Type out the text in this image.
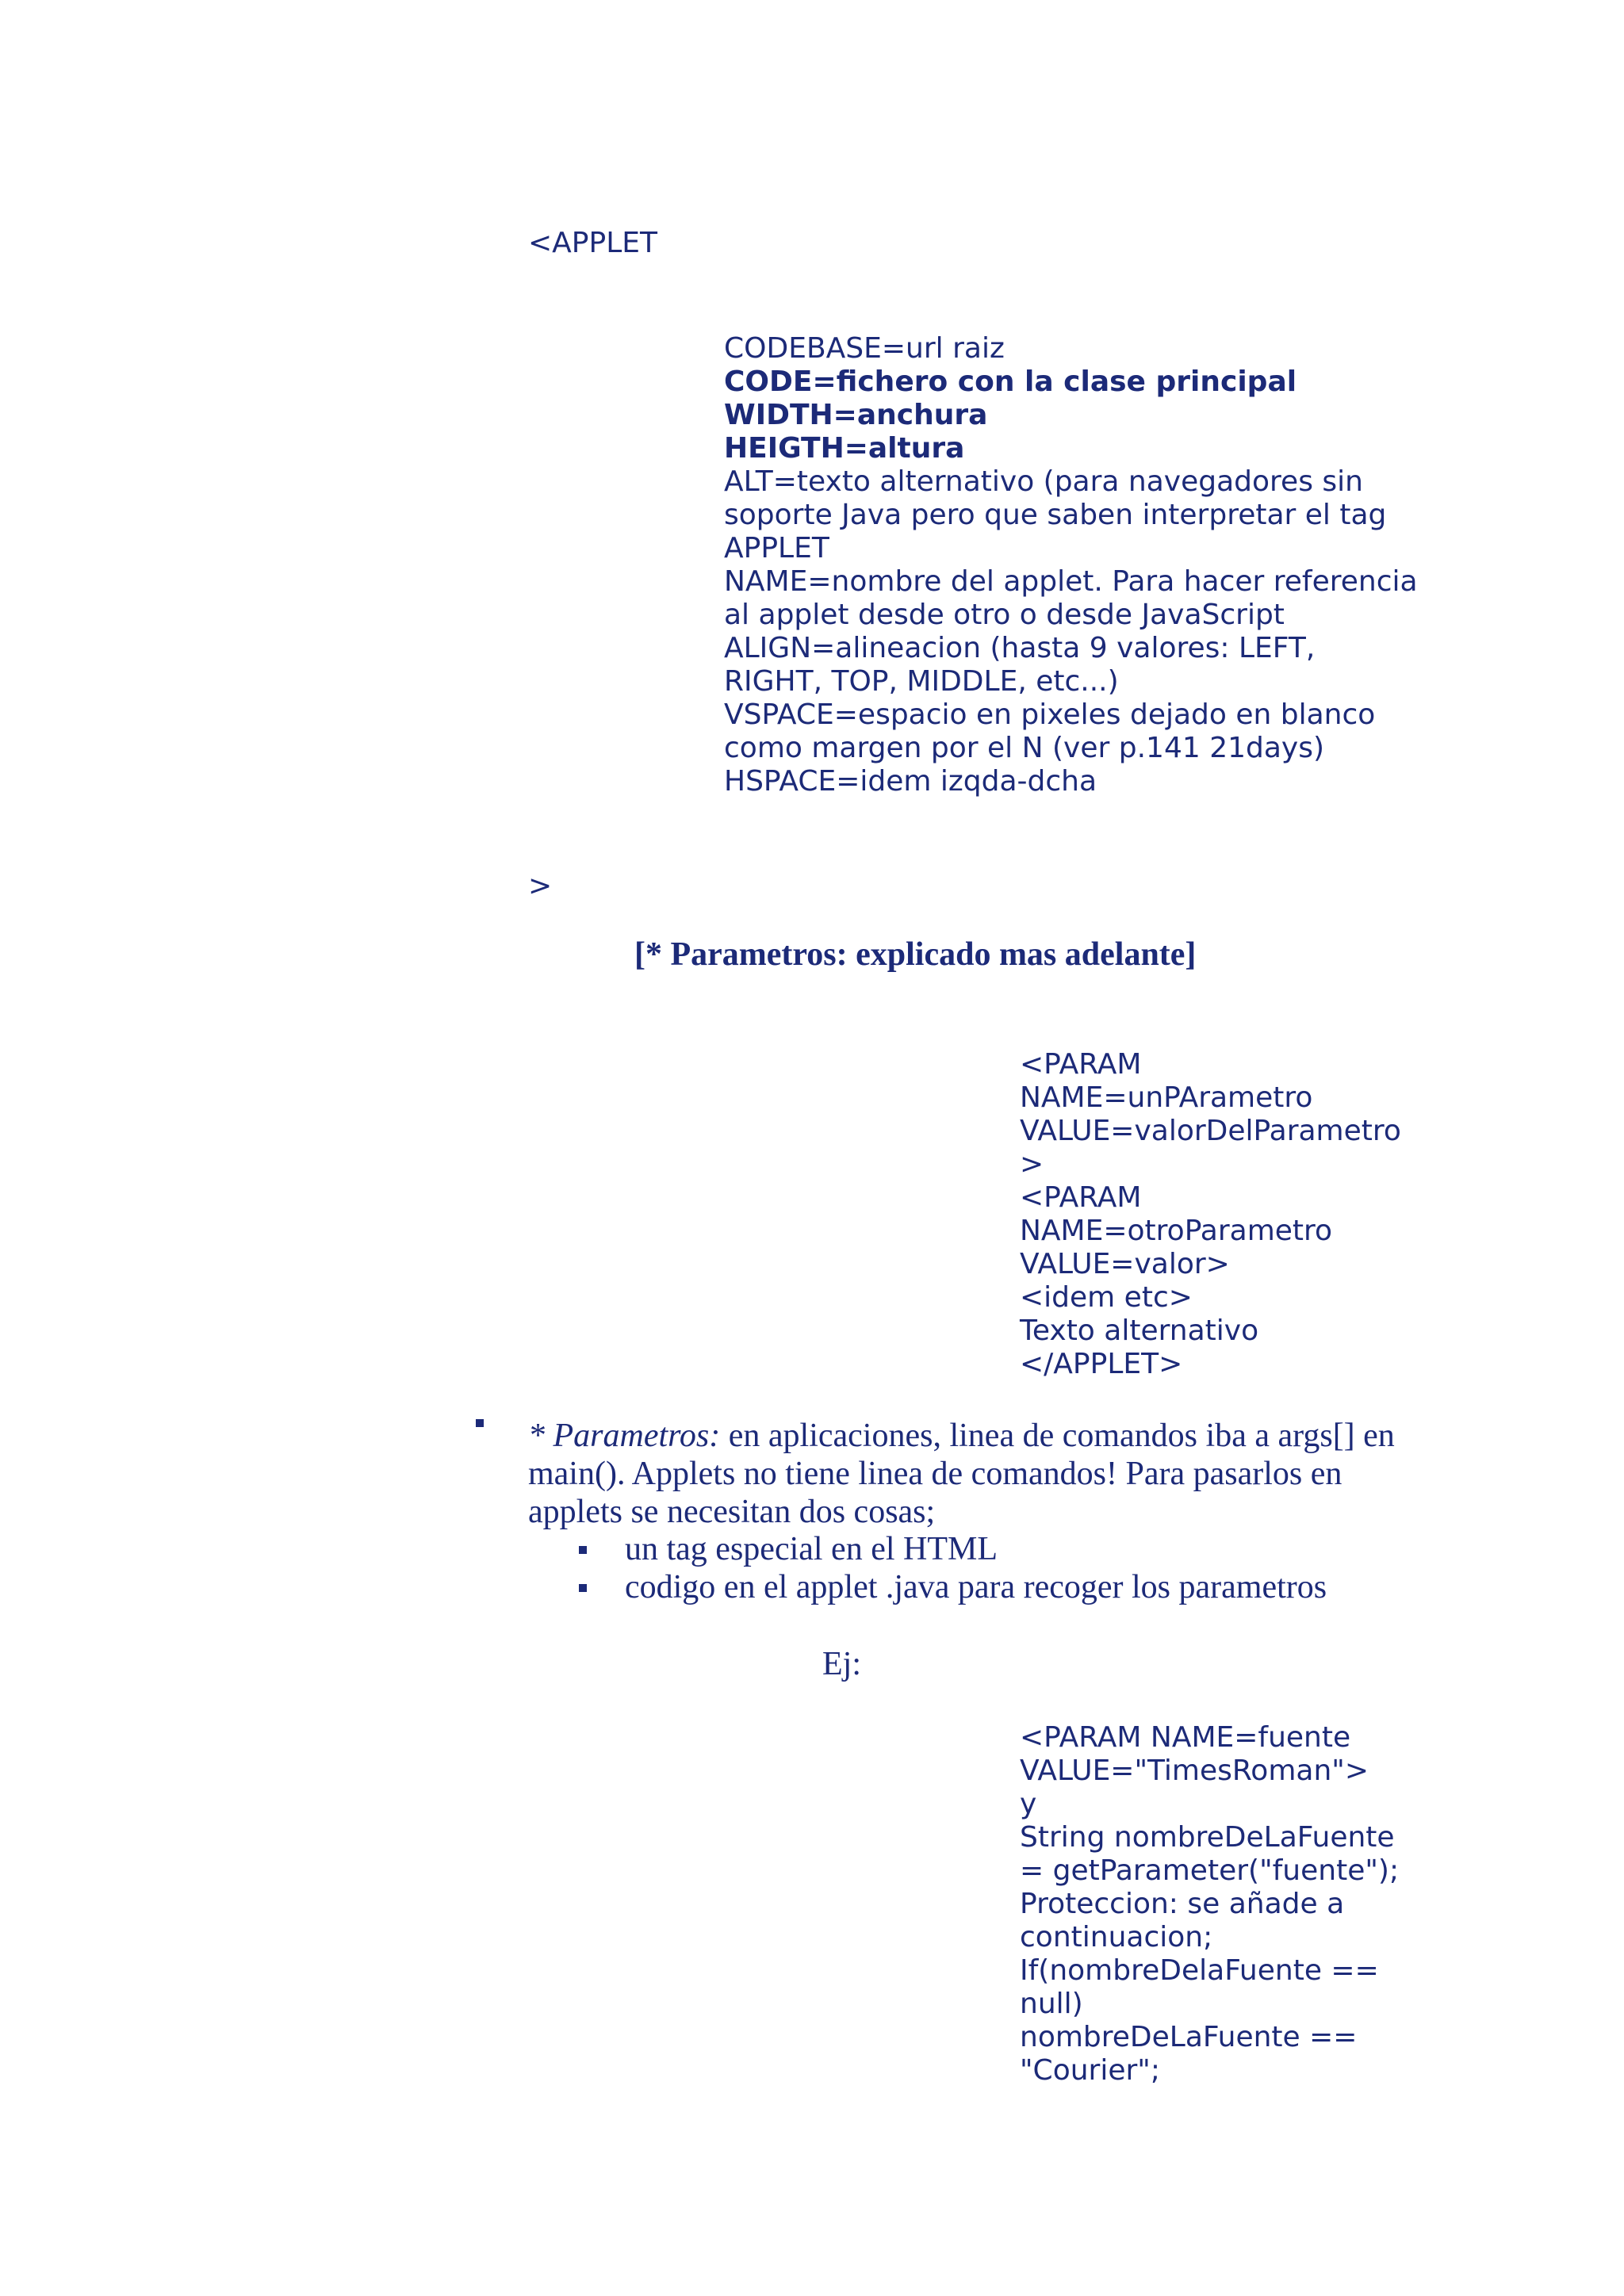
<APPLET
CODEBASE=url raiz
CODE=fichero con la clase principal
WIDTH=anchura
HEIGTH=altura
ALT=texto alternativo (para navegadores sin
soporte Java pero que saben interpretar el tag
APPLET
NAME=nombre del applet. Para hacer referencia
al applet desde otro o desde JavaScript
ALIGN=alineacion (hasta 9 valores: LEFT,
RIGHT, TOP, MIDDLE, etc...)
VSPACE=espacio en pixeles dejado en blanco
como margen por el N (ver p.141 21days)
HSPACE=idem izqda-dcha
>
[* Parametros: explicado mas adelante]
<PARAM
NAME=unPArametro
VALUE=valorDelParametro
>
<PARAM
NAME=otroParametro
VALUE=valor>
<idem etc>
Texto alternativo
</APPLET>
* Parametros: en aplicaciones, linea de comandos iba a args[] en
main(). Applets no tiene linea de comandos! Para pasarlos en
applets se necesitan dos cosas;
un tag especial en el HTML
codigo en el applet .java para recoger los parametros
Ej:
<PARAM NAME=fuente
VALUE="TimesRoman">
y
String nombreDeLaFuente
= getParameter("fuente");
Proteccion: se añade a
continuacion;
If(nombreDelaFuente ==
null)
nombreDeLaFuente ==
"Courier";
